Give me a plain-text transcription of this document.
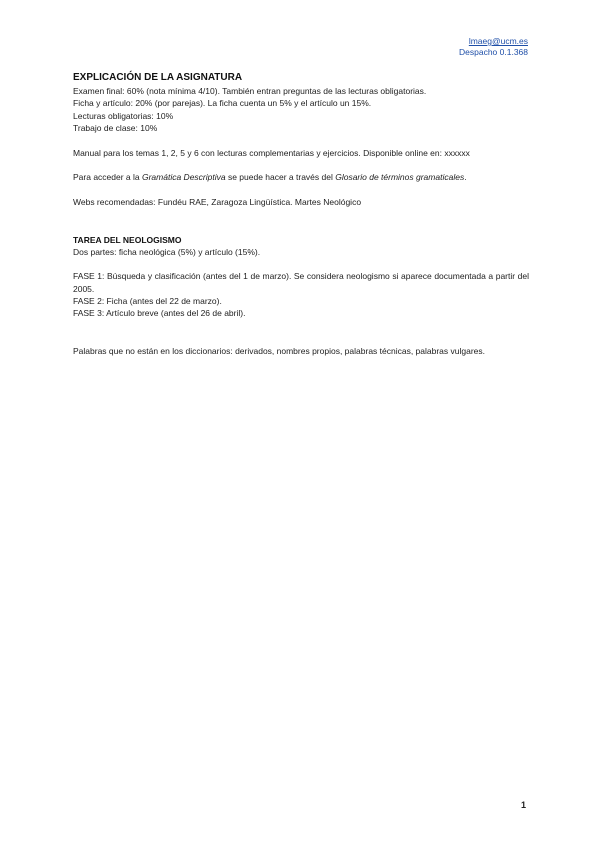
lmaeg@ucm.es
Despacho 0.1.368
EXPLICACIÓN DE LA ASIGNATURA

Examen final: 60% (nota mínima 4/10). También entran preguntas de las lecturas obligatorias.

Ficha y artículo: 20% (por parejas). La ficha cuenta un 5% y el artículo un 15%.

Lecturas obligatorias: 10%

Trabajo de clase: 10%

Manual para los temas 1, 2, 5 y 6 con lecturas complementarias y ejercicios. Disponible online en: xxxxxx

Para acceder a la Gramática Descriptiva se puede hacer a través del Glosario de términos gramaticales.

Webs recomendadas: Fundéu RAE, Zaragoza Lingüística. Martes Neológico

TAREA DEL NEOLOGISMO

Dos partes: ficha neológica (5%) y artículo (15%).

FASE 1: Búsqueda y clasificación (antes del 1 de marzo). Se considera neologismo si aparece documentada a partir del 2005.

FASE 2: Ficha (antes del 22 de marzo).

FASE 3: Artículo breve (antes del 26 de abril).

Palabras que no están en los diccionarios: derivados, nombres propios, palabras técnicas, palabras vulgares.

1
